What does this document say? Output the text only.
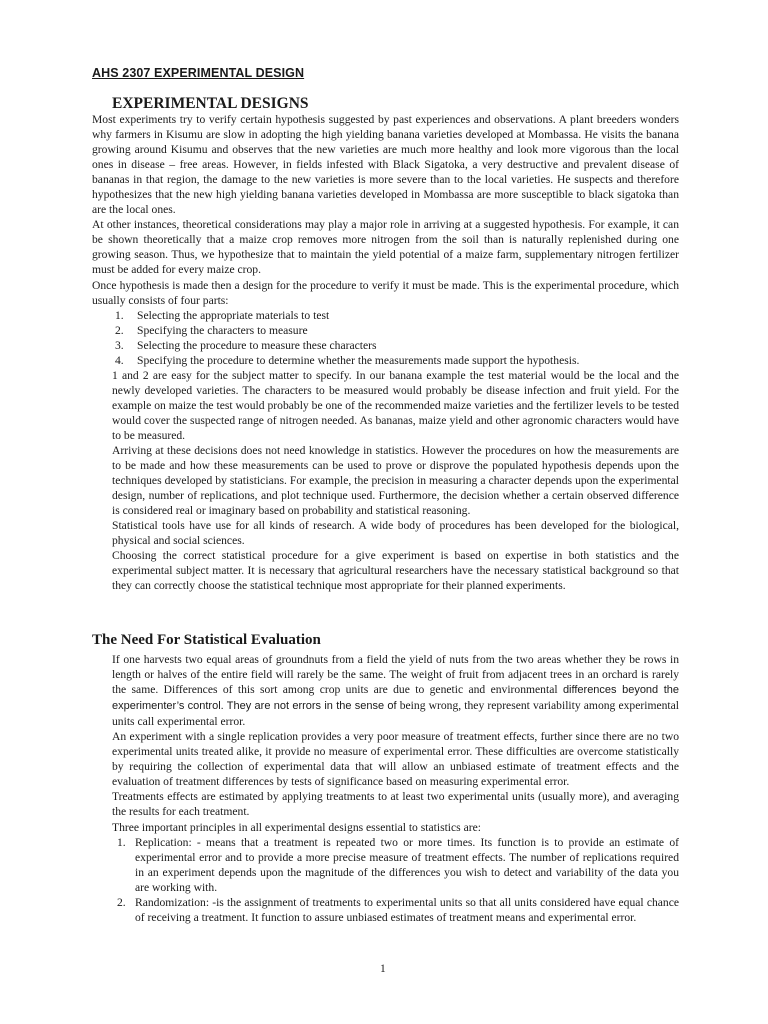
AHS 2307 EXPERIMENTAL DESIGN
EXPERIMENTAL DESIGNS

Most experiments try to verify certain hypothesis suggested by past experiences and observations. A plant breeders wonders why farmers in Kisumu are slow in adopting the high yielding banana varieties developed at Mombassa. He visits the banana growing around Kisumu and observes that the new varieties are much more healthy and look more vigorous than the local ones in disease – free areas. However, in fields infested with Black Sigatoka, a very destructive and prevalent disease of bananas in that region, the damage to the new varieties is more severe than to the local varieties. He suspects and therefore hypothesizes that the new high yielding banana varieties developed in Mombassa are more susceptible to black sigatoka than are the local ones.

At other instances, theoretical considerations may play a major role in arriving at a suggested hypothesis. For example, it can be shown theoretically that a maize crop removes more nitrogen from the soil than is naturally replenished during one growing season. Thus, we hypothesize that to maintain the yield potential of a maize farm, supplementary nitrogen fertilizer must be added for every maize crop.

Once hypothesis is made then a design for the procedure to verify it must be made. This is the experimental procedure, which usually consists of four parts:

1.	Selecting the appropriate materials to test
2.	Specifying the characters to measure
3.	Selecting the procedure to measure these characters
4.	Specifying the procedure to determine whether the measurements made support the hypothesis.

1 and 2 are easy for the subject matter to specify. In our banana example the test material would be the local and the newly developed varieties. The characters to be measured would probably be disease infection and fruit yield. For the example on maize the test would probably be one of the recommended maize varieties and the fertilizer levels to be tested would cover the suspected range of nitrogen needed. As bananas, maize yield and other agronomic characters would have to be measured.

Arriving at these decisions does not need knowledge in statistics. However the procedures on how the measurements are to be made and how these measurements can be used to prove or disprove the populated hypothesis depends upon the techniques developed by statisticians. For example, the precision in measuring a character depends upon the experimental design, number of replications, and plot technique used. Furthermore, the decision whether a certain observed difference is considered real or imaginary based on probability and statistical reasoning.

Statistical tools have use for all kinds of research. A wide body of procedures has been developed for the biological, physical and social sciences.

Choosing the correct statistical procedure for a give experiment is based on expertise in both statistics and the experimental subject matter. It is necessary that agricultural researchers have the necessary statistical background so that they can correctly choose the statistical technique most appropriate for their planned experiments.

The Need For Statistical Evaluation

If one harvests two equal areas of groundnuts from a field the yield of nuts from the two areas whether they be rows in length or halves of the entire field will rarely be the same. The weight of fruit from adjacent trees in an orchard is rarely the same. Differences of this sort among crop units are due to genetic and environmental differences beyond the experimenter’s control. They are not errors in the sense of being wrong, they represent variability among experimental units call experimental error.

An experiment with a single replication provides a very poor measure of treatment effects, further since there are no two experimental units treated alike, it provide no measure of experimental error. These difficulties are overcome statistically by requiring the collection of experimental data that will allow an unbiased estimate of treatment effects and the evaluation of treatment differences by tests of significance based on measuring experimental error.

Treatments effects are estimated by applying treatments to at least two experimental units (usually more), and averaging the results for each treatment.

Three important principles in all experimental designs essential to statistics are:

1. Replication: - means that a treatment is repeated two or more times. Its function is to provide an estimate of experimental error and to provide a more precise measure of treatment effects. The number of replications required in an experiment depends upon the magnitude of the differences you wish to detect and variability of the data you are working with.
2. Randomization: -is the assignment of treatments to experimental units so that all units considered have equal chance of receiving a treatment. It function to assure unbiased estimates of treatment means and experimental error.
1
